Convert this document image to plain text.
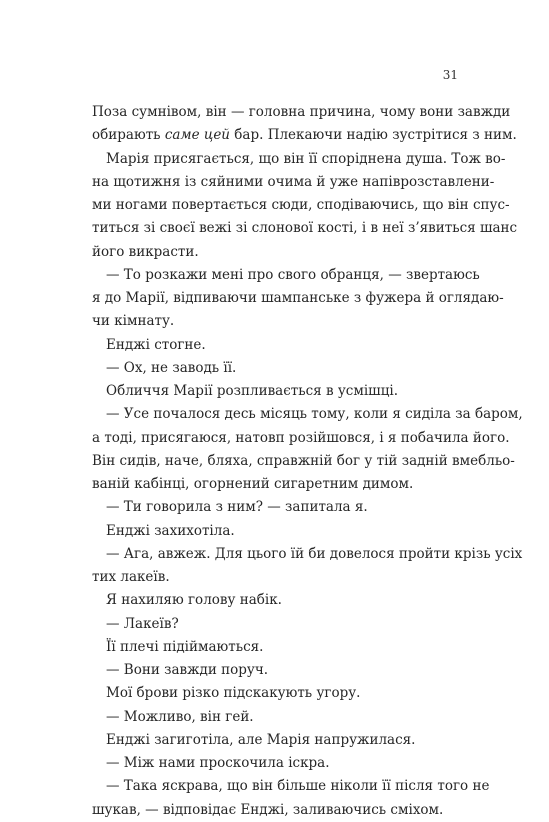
31
Поза сумнівом, він — головна причина, чому вони завжди
обирають саме цей бар. Плекаючи надію зустрітися з ним.
Марія присягається, що він її споріднена душа. Тож во-
на щотижня із сяйними очима й уже напіврозставлени-
ми ногами повертається сюди, сподіваючись, що він спус-
титься зі своєї вежі зі слонової кості, і в неї з’явиться шанс
його викрасти.
— То розкажи мені про свого обранця, — звертаюсь
я до Марії, відпиваючи шампанське з фужера й оглядаю-
чи кімнату.
Енджі стогне.
— Ох, не заводь її.
Обличчя Марії розпливається в усмішці.
— Усе почалося десь місяць тому, коли я сиділа за баром,
а тоді, присягаюся, натовп розійшовся, і я побачила його.
Він сидів, наче, бляха, справжній бог у тій задній вмебльо-
ваній кабінці, огорнений сигаретним димом.
— Ти говорила з ним? — запитала я.
Енджі захихотіла.
— Ага, авжеж. Для цього їй би довелося пройти крізь усіх
тих лакеїв.
Я нахиляю голову набік.
— Лакеїв?
Її плечі підіймаються.
— Вони завжди поруч.
Мої брови різко підскакують угору.
— Можливо, він гей.
Енджі загиготіла, але Марія напружилася.
— Між нами проскочила іскра.
— Така яскрава, що він більше ніколи її після того не
шукав, — відповідає Енджі, заливаючись сміхом.
